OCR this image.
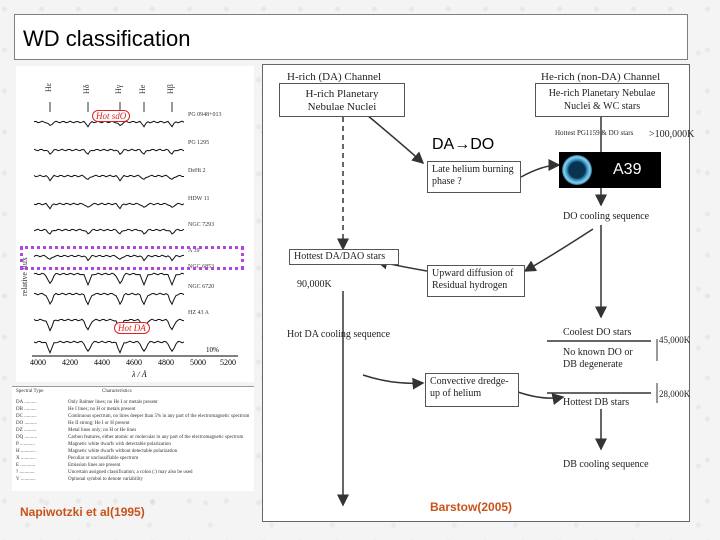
WD classification
Hε	Hδ	Hγ He Hβ
Hot sdO
Hot DA
PG 0948+013
PG 1295
DeHt 2
HDW 11
NGC 7293
A 39
NGC 6853
NGC 6720
HZ 43 A
relative flux
10%
4000 4200 4400 4600 4800 5000 5200
λ / Å
Spectral Type	Characteristics
DA ..........	Only Balmer lines; no He I or metals present
DB ..........	He I lines; no H or metals present
DC ..........	Continuous spectrum, no lines deeper than 5% in any part of the electromagnetic spectrum
DO ..........	He II strong; He I or H present
DZ ..........	Metal lines only; no H or He lines
DQ ..........	Carbon features, either atomic or molecular in any part of the electromagnetic spectrum
P ............	Magnetic white dwarfs with detectable polarization
H ............	Magnetic white dwarfs without detectable polarization
X ............	Peculiar or unclassifiable spectrum
E ............	Emission lines are present
? ............	Uncertain assigned classification; a colon (:) may also be used
V ............	Optional symbol to denote variability
Napiwotzki et al(1995)
H-rich (DA) Channel	He-rich (non-DA) Channel
H-rich Planetary Nebulae Nuclei
He-rich Planetary Nebulae Nuclei & WC stars
Hottest PG1159 & DO stars >100,000K
Late helium burning phase ?
DO cooling sequence
Hottest DA/DAO stars
90,000K
Upward diffusion of Residual hydrogen
Hot DA cooling sequence	Coolest DO stars
45,000K
No known DO or DB degenerate
Convective dredge-up of helium
Hottest DB stars
28,000K
DB cooling sequence
DA→DO
A39
Barstow(2005)
